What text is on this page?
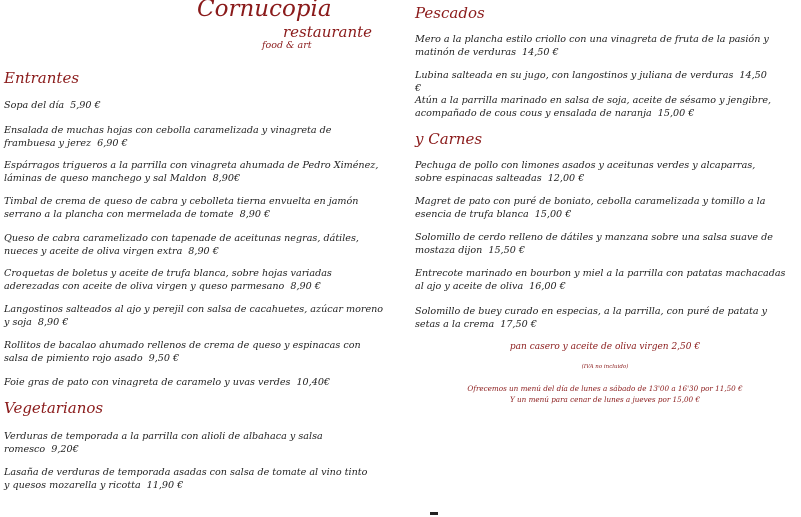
Cornucopia
restaurante
food & art
Entrantes
Sopa del día 5,90 €
Ensalada de muchas hojas con cebolla caramelizada y vinagreta de frambuesa y jerez 6,90 €
Espárragos trigueros a la parrilla con vinagreta ahumada de Pedro Ximénez, láminas de queso manchego y sal Maldon 8,90€
Timbal de crema de queso de cabra y cebolleta tierna envuelta en jamón serrano a la plancha con mermelada de tomate 8,90 €
Queso de cabra caramelizado con tapenade de aceitunas negras, dátiles, nueces y aceite de oliva virgen extra 8,90 €
Croquetas de boletus y aceite de trufa blanca, sobre hojas variadas aderezadas con aceite de oliva virgen y queso parmesano 8,90 €
Langostinos salteados al ajo y perejil con salsa de cacahuetes, azúcar moreno y soja 8,90 €
Rollitos de bacalao ahumado rellenos de crema de queso y espinacas con salsa de pimiento rojo asado 9,50 €
Foie gras de pato con vinagreta de caramelo y uvas verdes 10,40€
Vegetarianos
Verduras de temporada a la parrilla con alioli de albahaca y salsa romesco 9,20€
Lasaña de verduras de temporada asadas con salsa de tomate al vino tinto y quesos mozarella y ricotta 11,90 €
Pescados
Mero a la plancha estilo criollo con una vinagreta de fruta de la pasión y matinón de verduras 14,50 €
Lubina salteada en su jugo, con langostinos y juliana de verduras 14,50 €
Atún a la parrilla marinado en salsa de soja, aceite de sésamo y jengibre, acompañado de cous cous y ensalada de naranja 15,00 €
y Carnes
Pechuga de pollo con limones asados y aceitunas verdes y alcaparras, sobre espinacas salteadas 12,00 €
Magret de pato con puré de boniato, cebolla caramelizada y tomillo a la esencia de trufa blanca 15,00 €
Solomillo de cerdo relleno de dátiles y manzana sobre una salsa suave de mostaza dijon 15,50 €
Entrecote marinado en bourbon y miel a la parrilla con patatas machacadas al ajo y aceite de oliva 16,00 €
Solomillo de buey curado en especias, a la parrilla, con puré de patata y setas a la crema 17,50 €
pan casero y aceite de oliva virgen 2,50 €
(IVA no incluido)
Ofrecemos un menú del día de lunes a sábado de 13'00 a 16'30 por 11,50 €
Y un menú para cenar de lunes a jueves por 15,00 €
